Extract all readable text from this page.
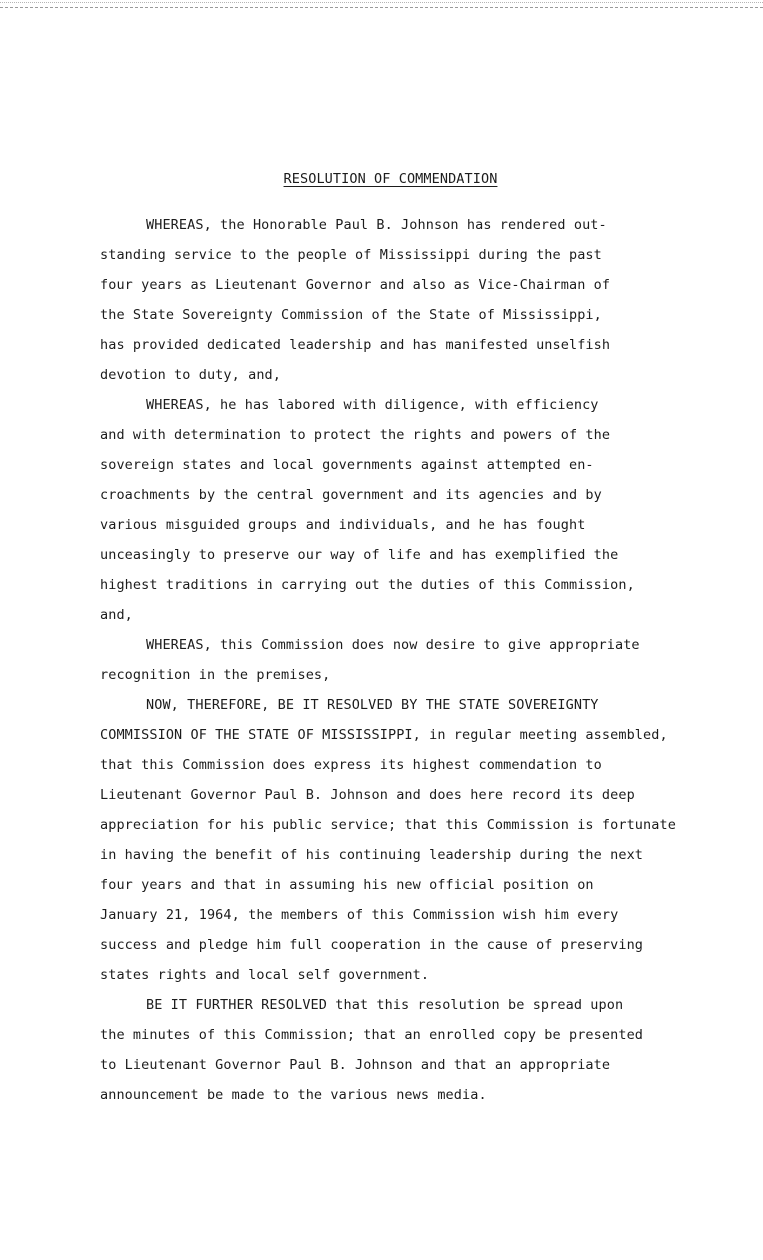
RESOLUTION OF COMMENDATION

WHEREAS, the Honorable Paul B. Johnson has rendered out-
standing service to the people of Mississippi during the past
four years as Lieutenant Governor and also as Vice-Chairman of
the State Sovereignty Commission of the State of Mississippi,
has provided dedicated leadership and has manifested unselfish
devotion to duty, and,

WHEREAS, he has labored with diligence, with efficiency
and with determination to protect the rights and powers of the
sovereign states and local governments against attempted en-
croachments by the central government and its agencies and by
various misguided groups and individuals, and he has fought
unceasingly to preserve our way of life and has exemplified the
highest traditions in carrying out the duties of this Commission,
and,

WHEREAS, this Commission does now desire to give appropriate
recognition in the premises,

NOW, THEREFORE, BE IT RESOLVED BY THE STATE SOVEREIGNTY
COMMISSION OF THE STATE OF MISSISSIPPI, in regular meeting assembled,
that this Commission does express its highest commendation to
Lieutenant Governor Paul B. Johnson and does here record its deep
appreciation for his public service; that this Commission is fortunate
in having the benefit of his continuing leadership during the next
four years and that in assuming his new official position on
January 21, 1964, the members of this Commission wish him every
success and pledge him full cooperation in the cause of preserving
states rights and local self government.

BE IT FURTHER RESOLVED that this resolution be spread upon
the minutes of this Commission; that an enrolled copy be presented
to Lieutenant Governor Paul B. Johnson and that an appropriate
announcement be made to the various news media.
